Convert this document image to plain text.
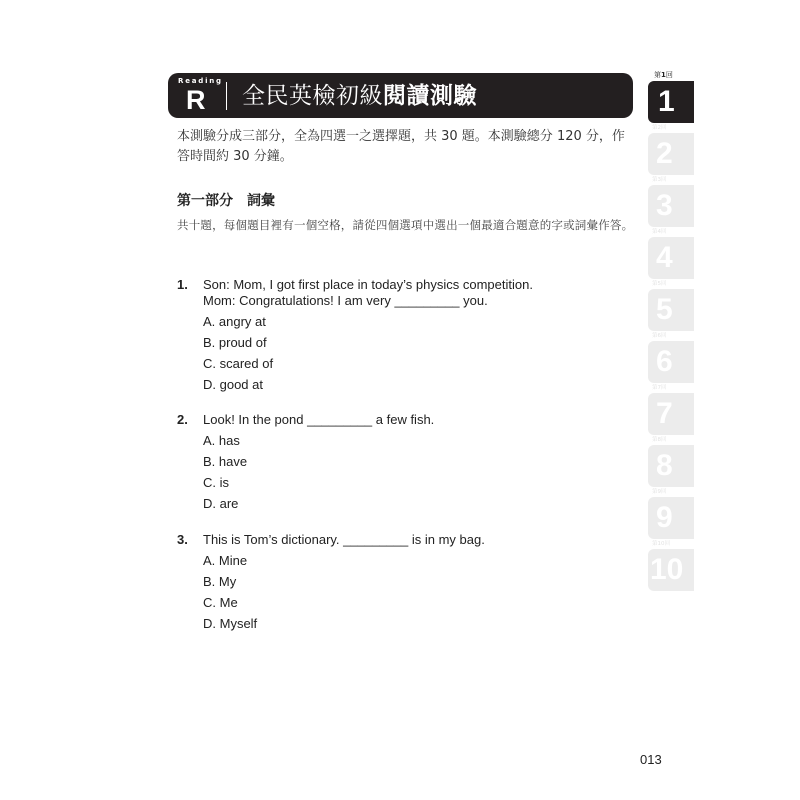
Reading
R 全民英檢初級閱讀測驗
本測驗分成三部分，全為四選一之選擇題，共 30 題。本測驗總分 120 分，作答時間約 30 分鐘。
第一部分　詞彙
共十題，每個題目裡有一個空格，請從四個選項中選出一個最適合題意的字或詞彙作答。
1. Son: Mom, I got first place in today’s physics competition.
Mom: Congratulations! I am very _________ you.
A. angry at
B. proud of
C. scared of
D. good at
2. Look! In the pond _________ a few fish.
A. has
B. have
C. is
D. are
3. This is Tom’s dictionary. _________ is in my bag.
A. Mine
B. My
C. Me
D. Myself
第1回
1
第2回
2
第3回
3
第4回
4
第5回
5
第6回
6
第7回
7
第8回
8
第9回
9
第10回
10
013
